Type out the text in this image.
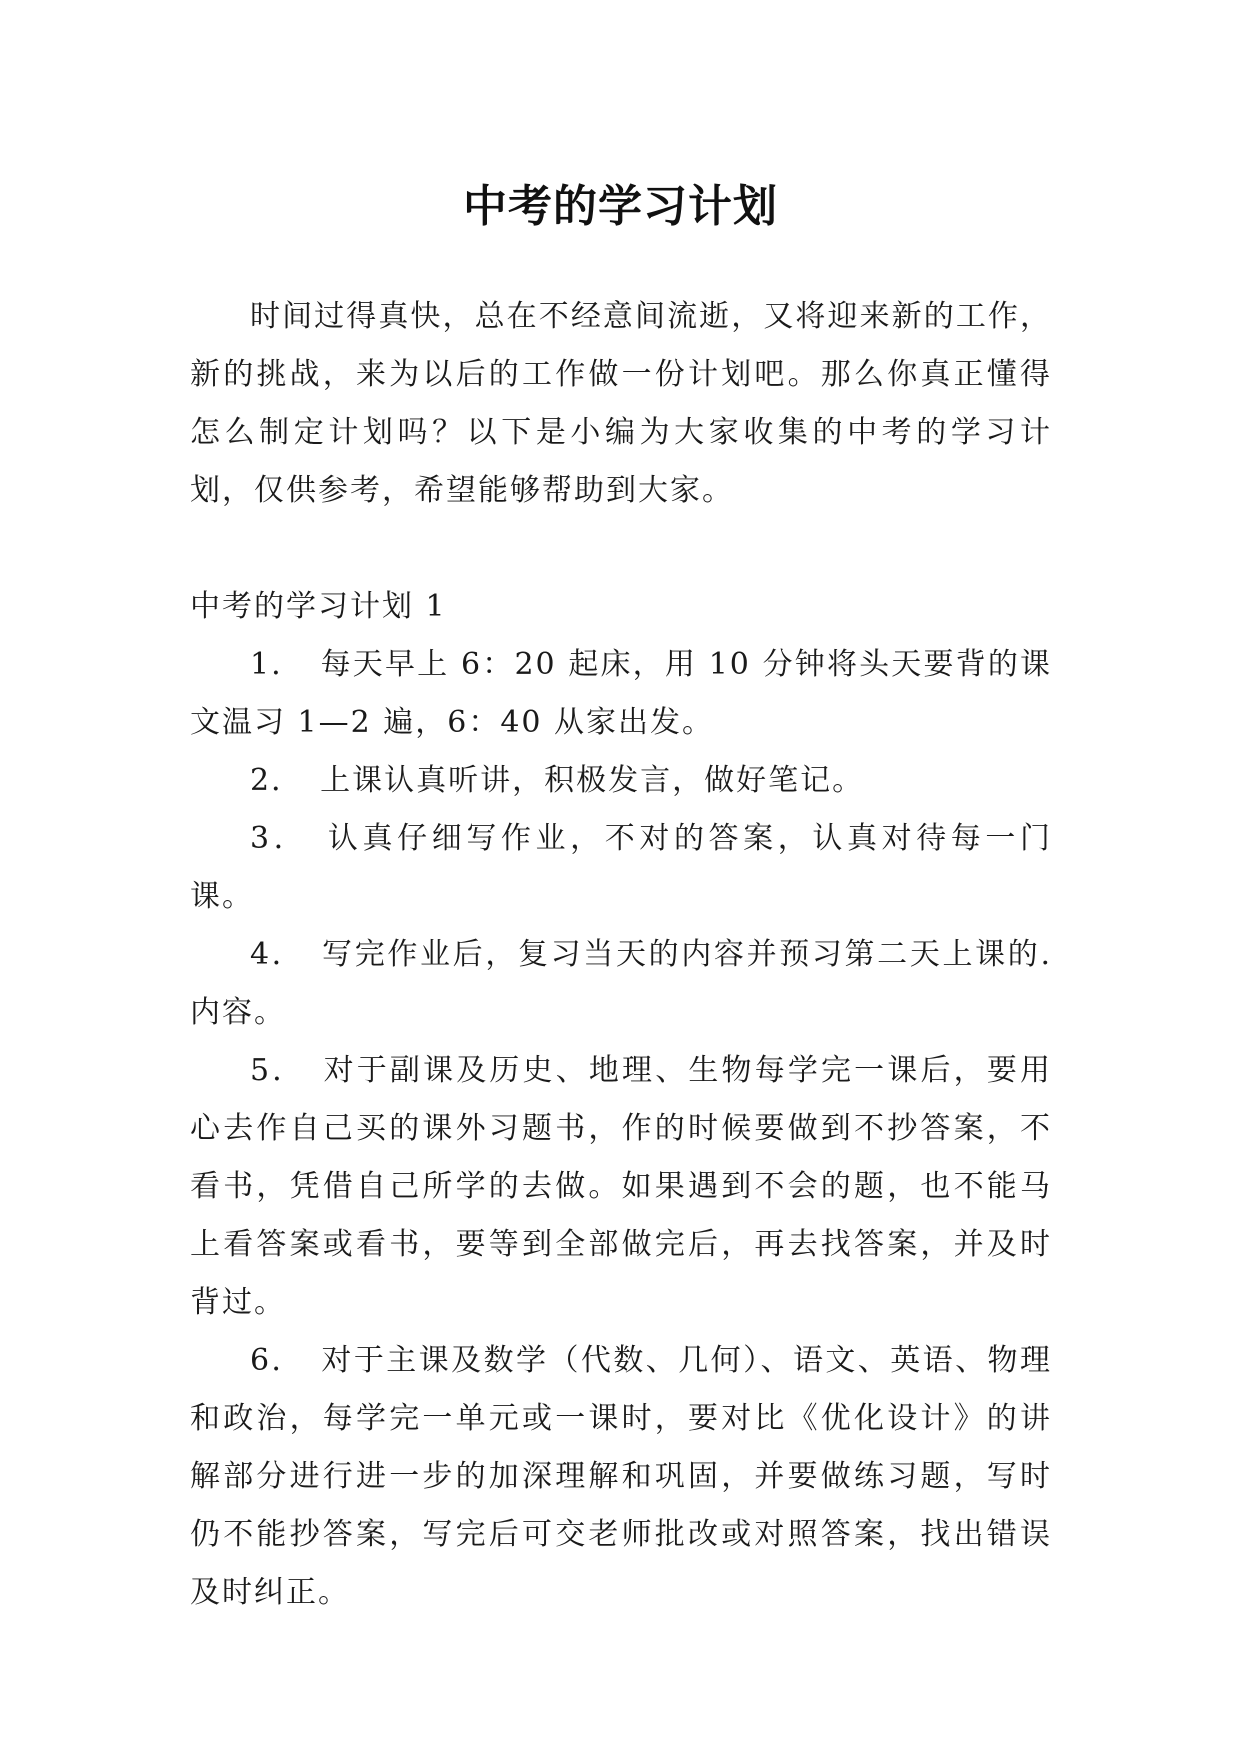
中考的学习计划

时间过得真快，总在不经意间流逝，又将迎来新的工作，新的挑战，来为以后的工作做一份计划吧。那么你真正懂得怎么制定计划吗？以下是小编为大家收集的中考的学习计划，仅供参考，希望能够帮助到大家。

中考的学习计划 1

1．　每天早上 6：20 起床，用 10 分钟将头天要背的课文温习 1—2 遍，6：40 从家出发。

2．　上课认真听讲，积极发言，做好笔记。

3．　认真仔细写作业，不对的答案，认真对待每一门课。

4．　写完作业后，复习当天的内容并预习第二天上课的.内容。

5．　对于副课及历史、地理、生物每学完一课后，要用心去作自己买的课外习题书，作的时候要做到不抄答案，不看书，凭借自己所学的去做。如果遇到不会的题，也不能马上看答案或看书，要等到全部做完后，再去找答案，并及时背过。

6．　对于主课及数学（代数、几何）、语文、英语、物理和政治，每学完一单元或一课时，要对比《优化设计》的讲解部分进行进一步的加深理解和巩固，并要做练习题，写时仍不能抄答案，写完后可交老师批改或对照答案，找出错误及时纠正。
